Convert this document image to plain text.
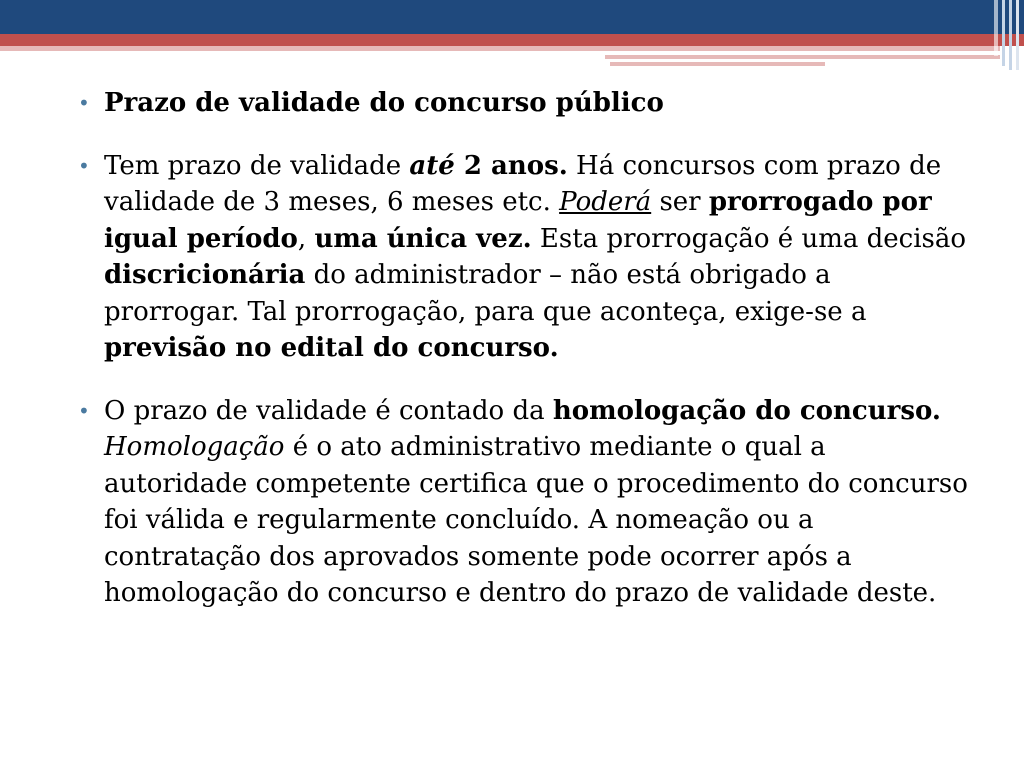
• Prazo de validade do concurso público
• Tem prazo de validade até 2 anos. Há concursos com prazo de validade de 3 meses, 6 meses etc. Poderá ser prorrogado por igual período, uma única vez. Esta prorrogação é uma decisão discricionária do administrador – não está obrigado a prorrogar. Tal prorrogação, para que aconteça, exige-se a previsão no edital do concurso.
• O prazo de validade é contado da homologação do concurso. Homologação é o ato administrativo mediante o qual a autoridade competente certifica que o procedimento do concurso foi válida e regularmente concluído. A nomeação ou a contratação dos aprovados somente pode ocorrer após a homologação do concurso e dentro do prazo de validade deste.
